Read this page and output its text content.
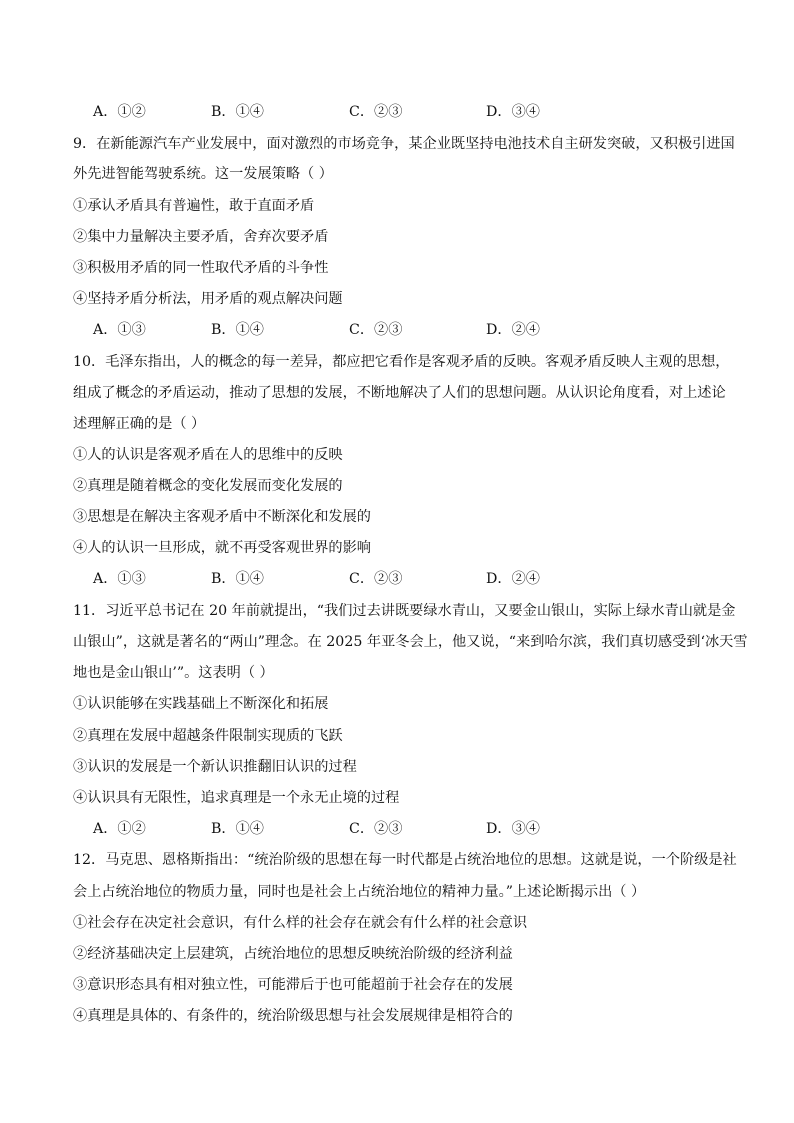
A．①②	B．①④	C．②③	D．③④
9．在新能源汽车产业发展中，面对激烈的市场竞争，某企业既坚持电池技术自主研发突破，又积极引进国
外先进智能驾驶系统。这一发展策略（ ）
①承认矛盾具有普遍性，敢于直面矛盾
②集中力量解决主要矛盾，舍弃次要矛盾
③积极用矛盾的同一性取代矛盾的斗争性
④坚持矛盾分析法，用矛盾的观点解决问题
A．①③	B．①④	C．②③	D．②④
10．毛泽东指出，人的概念的每一差异，都应把它看作是客观矛盾的反映。客观矛盾反映人主观的思想，
组成了概念的矛盾运动，推动了思想的发展，不断地解决了人们的思想问题。从认识论角度看，对上述论
述理解正确的是（ ）
①人的认识是客观矛盾在人的思维中的反映
②真理是随着概念的变化发展而变化发展的
③思想是在解决主客观矛盾中不断深化和发展的
④人的认识一旦形成，就不再受客观世界的影响
A．①③	B．①④	C．②③	D．②④
11．习近平总书记在 20 年前就提出，“我们过去讲既要绿水青山，又要金山银山，实际上绿水青山就是金
山银山”，这就是著名的“两山”理念。在 2025 年亚冬会上，他又说，“来到哈尔滨，我们真切感受到‘冰天雪
地也是金山银山’”。这表明（ ）
①认识能够在实践基础上不断深化和拓展
②真理在发展中超越条件限制实现质的飞跃
③认识的发展是一个新认识推翻旧认识的过程
④认识具有无限性，追求真理是一个永无止境的过程
A．①②	B．①④	C．②③	D．③④
12．马克思、恩格斯指出：“统治阶级的思想在每一时代都是占统治地位的思想。这就是说，一个阶级是社
会上占统治地位的物质力量，同时也是社会上占统治地位的精神力量。”上述论断揭示出（ ）
①社会存在决定社会意识，有什么样的社会存在就会有什么样的社会意识
②经济基础决定上层建筑，占统治地位的思想反映统治阶级的经济利益
③意识形态具有相对独立性，可能滞后于也可能超前于社会存在的发展
④真理是具体的、有条件的，统治阶级思想与社会发展规律是相符合的
